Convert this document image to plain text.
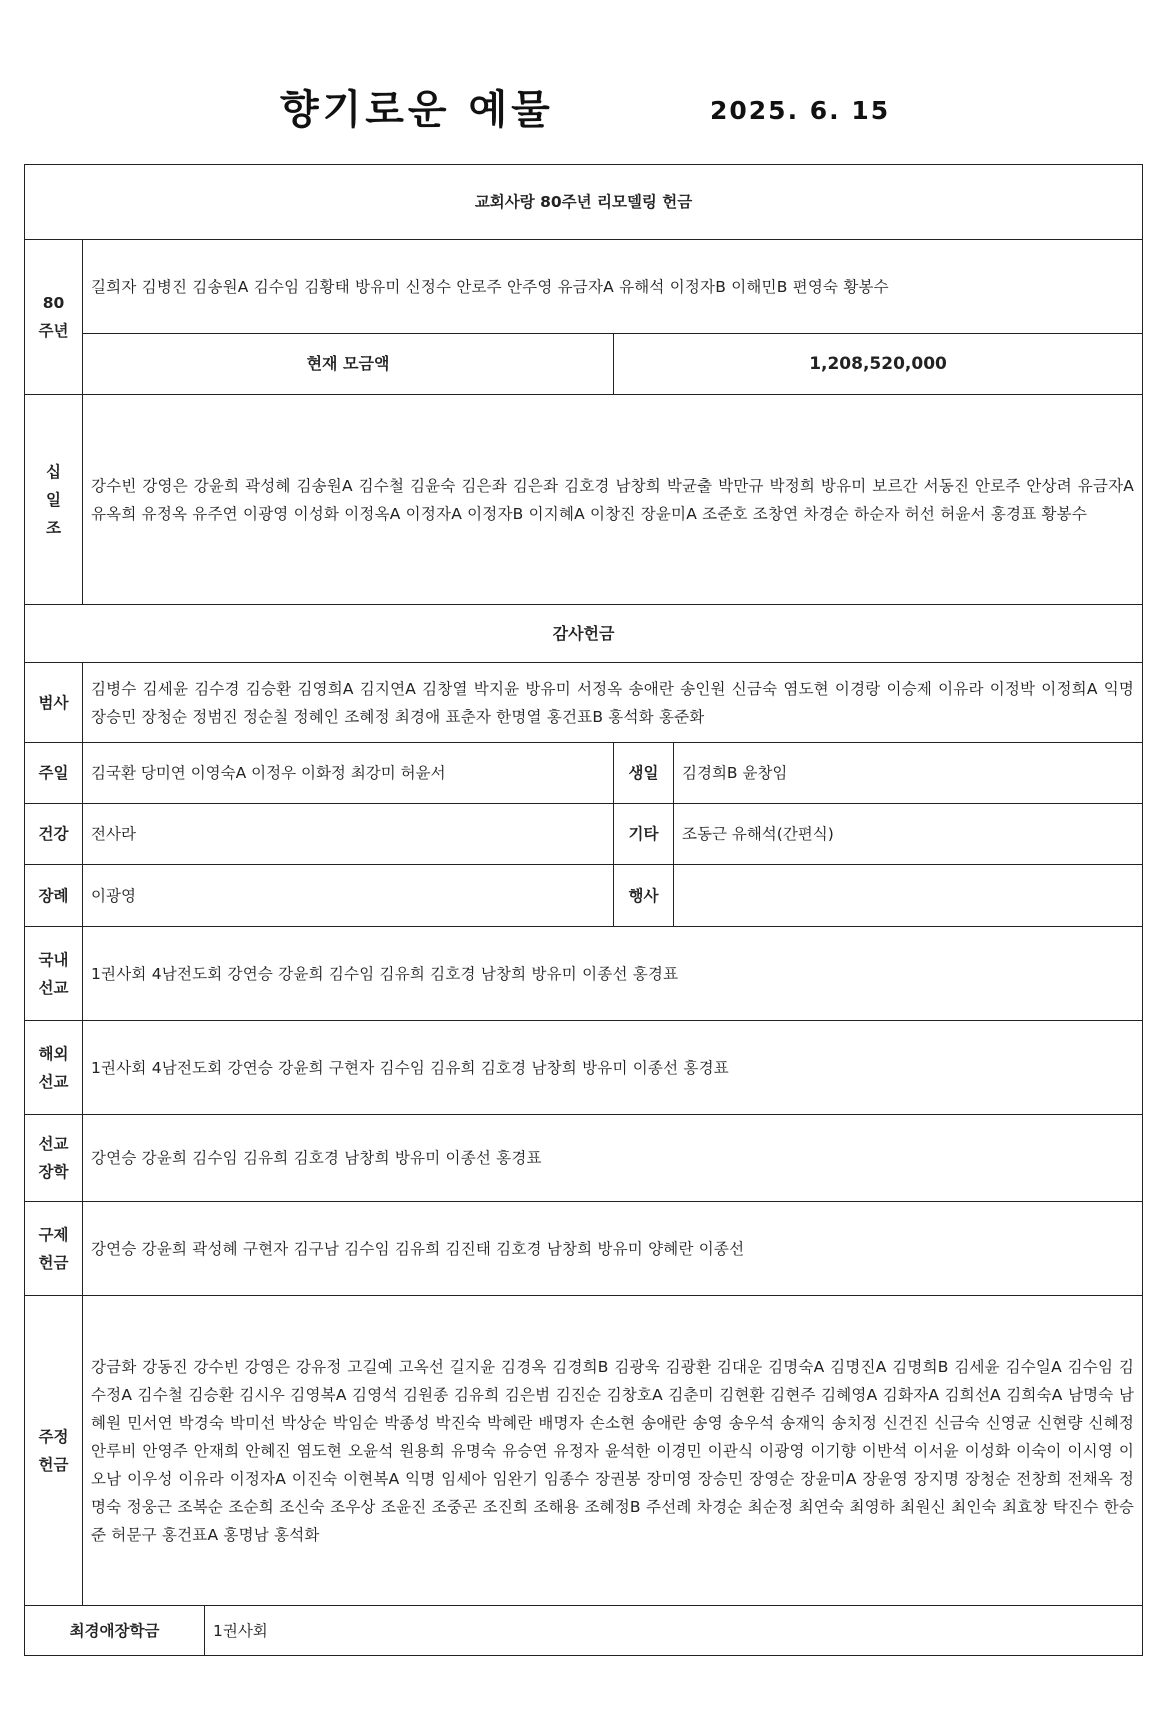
향기로운 예물	2025. 6. 15
교회사랑 80주년 리모델링 헌금				
80
주년	길희자 김병진 김송원A 김수임 김황태 방유미 신정수 안로주 안주영 유금자A 유해석 이정자B 이해민B 편영숙 황봉수			
	현재 모금액		1,208,520,000	
십
일
조	강수빈 강영은 강윤희 곽성혜 김송원A 김수철 김윤숙 김은좌 김은좌 김호경 남창희 박균출 박만규 박정희 방유미 보르간 서동진 안로주 안상려 유금자A 유옥희 유정옥 유주연 이광영 이성화 이정옥A 이정자A 이정자B 이지혜A 이창진 장윤미A 조준호 조창연 차경순 하순자 허선 허윤서 홍경표 황봉수			
감사헌금				
범사	김병수 김세윤 김수경 김승환 김영희A 김지연A 김창열 박지윤 방유미 서정옥 송애란 송인원 신금숙 염도현 이경랑 이승제 이유라 이정박 이정희A 익명 장승민 장청순 정범진 정순칠 정혜인 조혜정 최경애 표춘자 한명열 홍건표B 홍석화 홍준화			
주일	김국환 당미연 이영숙A 이정우 이화정 최강미 허윤서		생일	김경희B 윤창임
건강	전사라		기타	조동근 유해석(간편식)
장례	이광영		행사	
국내
선교	1권사회 4남전도회 강연승 강윤희 김수임 김유희 김호경 남창희 방유미 이종선 홍경표			
해외
선교	1권사회 4남전도회 강연승 강윤희 구현자 김수임 김유희 김호경 남창희 방유미 이종선 홍경표			
선교
장학	강연승 강윤희 김수임 김유희 김호경 남창희 방유미 이종선 홍경표			
구제
헌금	강연승 강윤희 곽성혜 구현자 김구남 김수임 김유희 김진태 김호경 남창희 방유미 양혜란 이종선			
주정
헌금	강금화 강동진 강수빈 강영은 강유정 고길예 고옥선 길지윤 김경옥 김경희B 김광욱 김광환 김대운 김명숙A 김명진A 김명희B 김세윤 김수일A 김수임 김수정A 김수철 김승환 김시우 김영복A 김영석 김원종 김유희 김은범 김진순 김창호A 김춘미 김현환 김현주 김혜영A 김화자A 김희선A 김희숙A 남명숙 남혜원 민서연 박경숙 박미선 박상순 박임순 박종성 박진숙 박혜란 배명자 손소현 송애란 송영 송우석 송재익 송치정 신건진 신금숙 신영균 신현량 신혜정 안루비 안영주 안재희 안혜진 염도현 오윤석 원용희 유명숙 유승연 유정자 윤석한 이경민 이관식 이광영 이기향 이반석 이서윤 이성화 이숙이 이시영 이오남 이우성 이유라 이정자A 이진숙 이현복A 익명 임세아 임완기 임종수 장권봉 장미영 장승민 장영순 장윤미A 장윤영 장지명 장청순 전창희 전채옥 정명숙 정웅근 조복순 조순희 조신숙 조우상 조윤진 조중곤 조진희 조해용 조혜정B 주선례 차경순 최순정 최연숙 최영하 최원신 최인숙 최효창 탁진수 한승준 허문구 홍건표A 홍명남 홍석화			
최경애장학금		1권사회		
